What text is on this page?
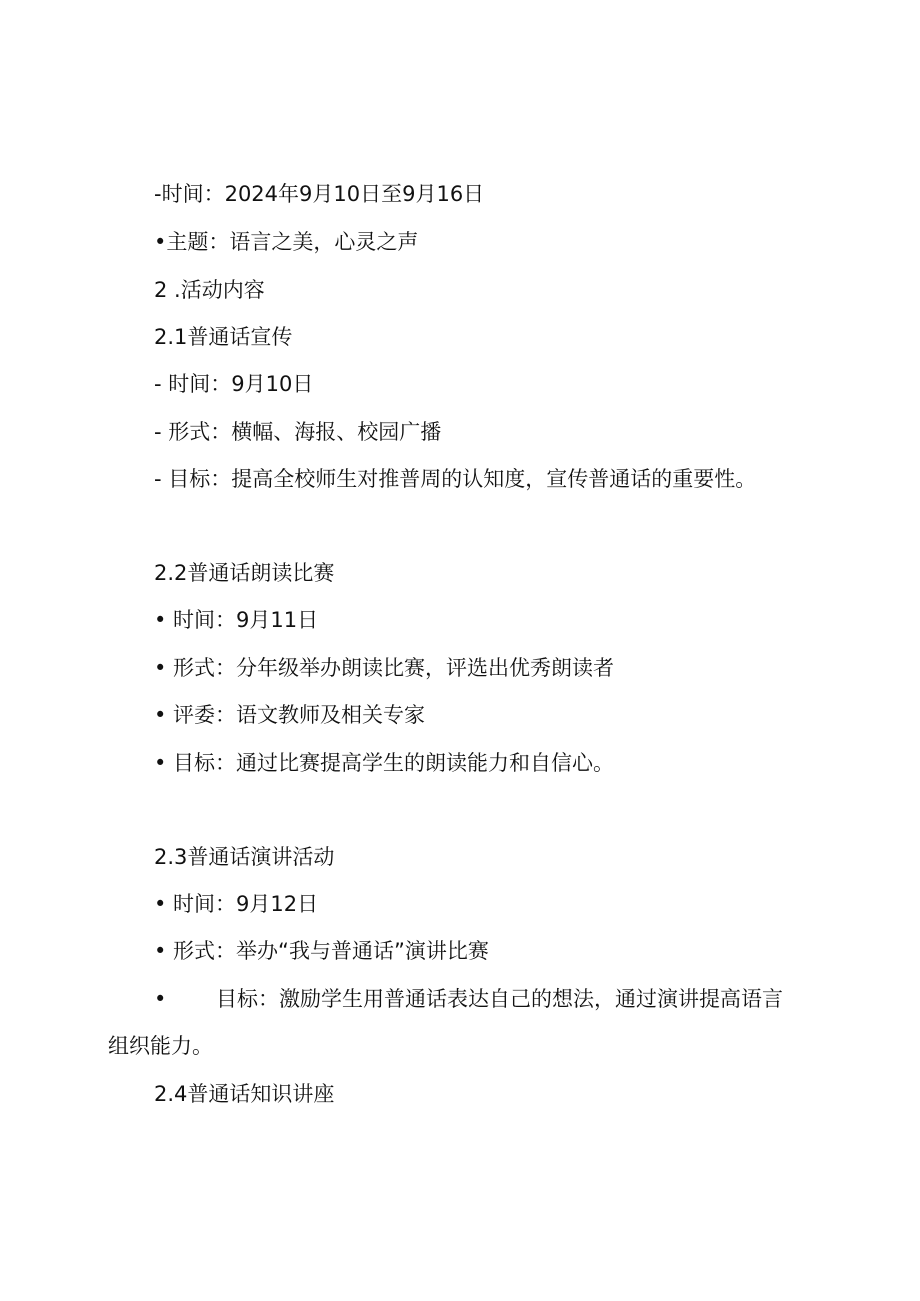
-时间：2024年9月10日至9月16日
•主题：语言之美，心灵之声
2 .活动内容
2.1普通话宣传
- 时间：9月10日
- 形式：横幅、海报、校园广播
- 目标：提高全校师生对推普周的认知度，宣传普通话的重要性。
2.2普通话朗读比赛
• 时间：9月11日
• 形式：分年级举办朗读比赛，评选出优秀朗读者
• 评委：语文教师及相关专家
• 目标：通过比赛提高学生的朗读能力和自信心。
2.3普通话演讲活动
• 时间：9月12日
• 形式：举办“我与普通话”演讲比赛
• 目标：激励学生用普通话表达自己的想法，通过演讲提高语言
组织能力。
2.4普通话知识讲座
